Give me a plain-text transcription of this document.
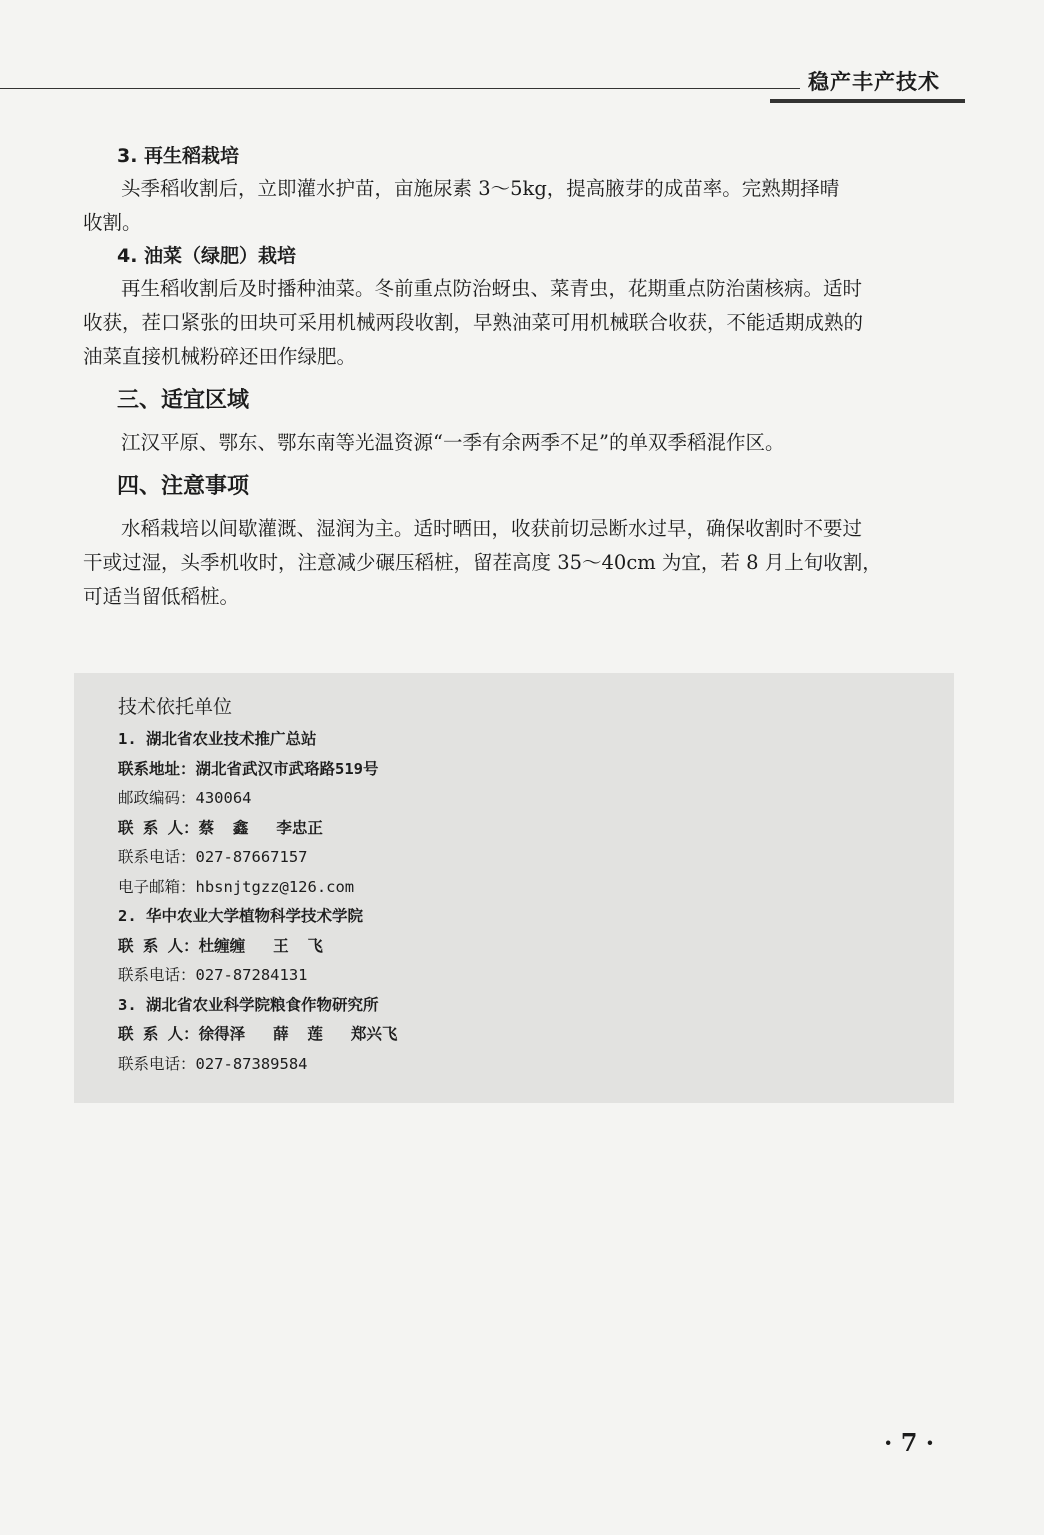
稳产丰产技术
3. 再生稻栽培

头季稻收割后，立即灌水护苗，亩施尿素 3～5kg，提高腋芽的成苗率。完熟期择晴

收割。

4. 油菜（绿肥）栽培

再生稻收割后及时播种油菜。冬前重点防治蚜虫、菜青虫，花期重点防治菌核病。适时

收获，茬口紧张的田块可采用机械两段收割，早熟油菜可用机械联合收获，不能适期成熟的

油菜直接机械粉碎还田作绿肥。

三、适宜区域

江汉平原、鄂东、鄂东南等光温资源“一季有余两季不足”的单双季稻混作区。

四、注意事项

水稻栽培以间歇灌溉、湿润为主。适时晒田，收获前切忌断水过早，确保收割时不要过

干或过湿，头季机收时，注意减少碾压稻桩，留茬高度 35～40cm 为宜，若 8 月上旬收割，

可适当留低稻桩。

技术依托单位
1. 湖北省农业技术推广总站
联系地址：湖北省武汉市武珞路519号
邮政编码：430064
联 系 人：蔡  鑫   李忠正
联系电话：027-87667157
电子邮箱：hbsnjtgzz@126.com
2. 华中农业大学植物科学技术学院
联 系 人：杜缠缠   王  飞
联系电话：027-87284131
3. 湖北省农业科学院粮食作物研究所
联 系 人：徐得泽   薛  莲   郑兴飞
联系电话：027-87389584
· 7 ·
